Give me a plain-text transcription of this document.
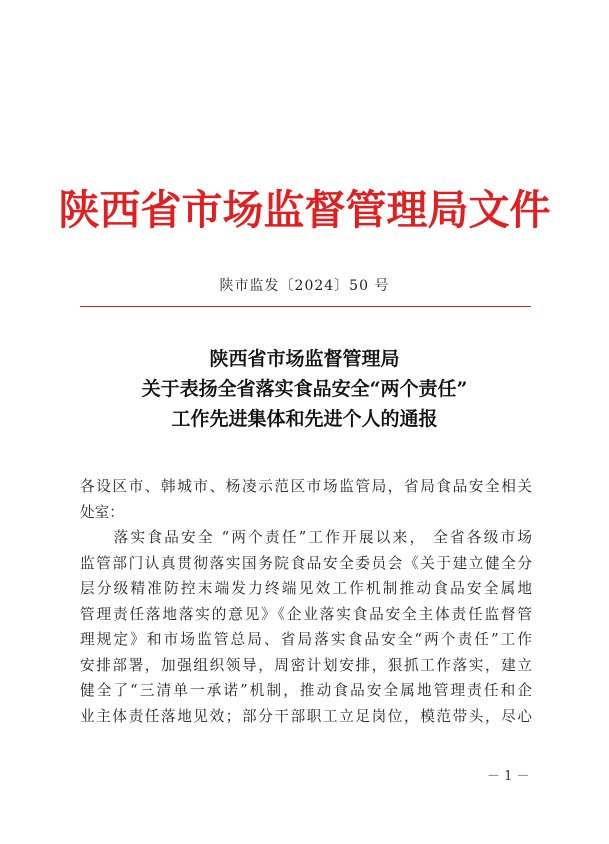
陕西省市场监督管理局文件
陕市监发〔2024〕50 号
陕西省市场监督管理局
关于表扬全省落实食品安全“两个责任”
工作先进集体和先进个人的通报
各设区市、韩城市、杨凌示范区市场监管局，省局食品安全相关
处室：
　　落实食品安全 “两个责任”工作开展以来， 全省各级市场
监管部门认真贯彻落实国务院食品安全委员会《关于建立健全分
层分级精准防控末端发力终端见效工作机制推动食品安全属地
管理责任落地落实的意见》《企业落实食品安全主体责任监督管
理规定》和市场监管总局、省局落实食品安全“两个责任”工作
安排部署，加强组织领导，周密计划安排，狠抓工作落实，建立
健全了“三清单一承诺”机制，推动食品安全属地管理责任和企
业主体责任落地见效；部分干部职工立足岗位，模范带头，尽心
－ 1 －
